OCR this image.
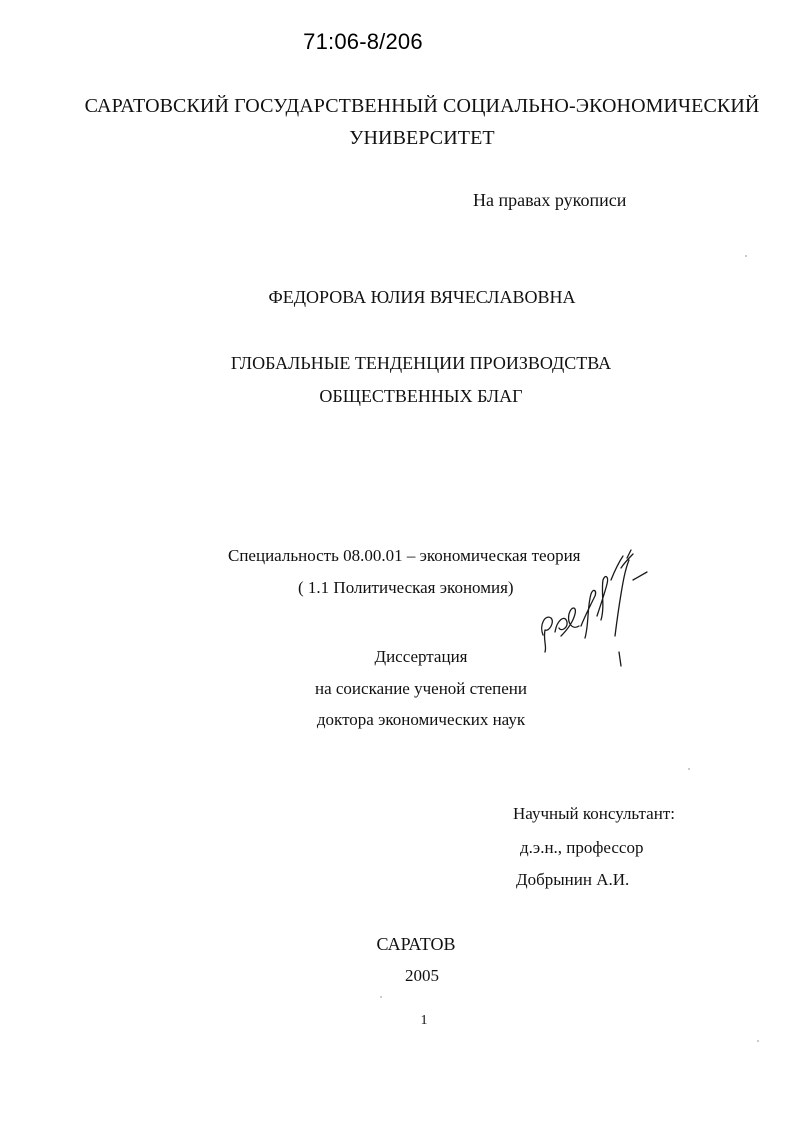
71:06-8/206
САРАТОВСКИЙ ГОСУДАРСТВЕННЫЙ СОЦИАЛЬНО-ЭКОНОМИЧЕСКИЙ
УНИВЕРСИТЕТ
На правах рукописи
ФЕДОРОВА ЮЛИЯ ВЯЧЕСЛАВОВНА
ГЛОБАЛЬНЫЕ ТЕНДЕНЦИИ ПРОИЗВОДСТВА
ОБЩЕСТВЕННЫХ БЛАГ
Специальность 08.00.01 – экономическая теория
( 1.1 Политическая экономия)
Диссертация
на соискание ученой степени
доктора экономических наук
Научный консультант:
д.э.н., профессор
Добрынин А.И.
САРАТОВ
2005
1
